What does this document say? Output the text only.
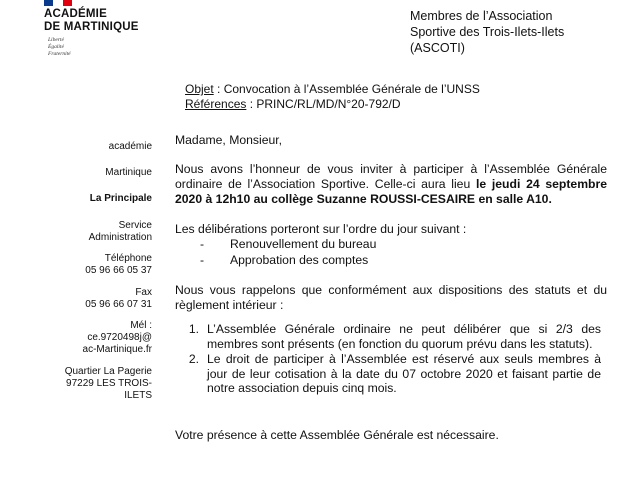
ACADÉMIE
DE MARTINIQUE
Liberté
Égalité
Fraternité
Membres de l’Association
Sportive des Trois-Ilets-Ilets
(ASCOTI)
Objet : Convocation à l’Assemblée Générale de l’UNSS
Références : PRINC/RL/MD/N°20-792/D
académie
Martinique
La Principale
Service
Administration
Téléphone
05 96 66 05 37
Fax
05 96 66 07 31
Mél :
ce.9720498j@
ac-Martinique.fr
Quartier La Pagerie
97229 LES TROIS-ILETS
Madame, Monsieur,
Nous avons l’honneur de vous inviter à participer à l’Assemblée Générale ordinaire de l’Association Sportive. Celle-ci aura lieu le jeudi 24 septembre 2020 à 12h10 au collège Suzanne ROUSSI-CESAIRE en salle A10.
Les délibérations porteront sur l’ordre du jour suivant :
-	Renouvellement du bureau
-	Approbation des comptes
Nous vous rappelons que conformément aux dispositions des statuts et du règlement intérieur :
1. L’Assemblée Générale ordinaire ne peut délibérer que si 2/3 des membres sont présents (en fonction du quorum prévu dans les statuts).
2. Le droit de participer à l’Assemblée est réservé aux seuls membres à jour de leur cotisation à la date du 07 octobre 2020 et faisant partie de notre association depuis cinq mois.
Votre présence à cette Assemblée Générale est nécessaire.
